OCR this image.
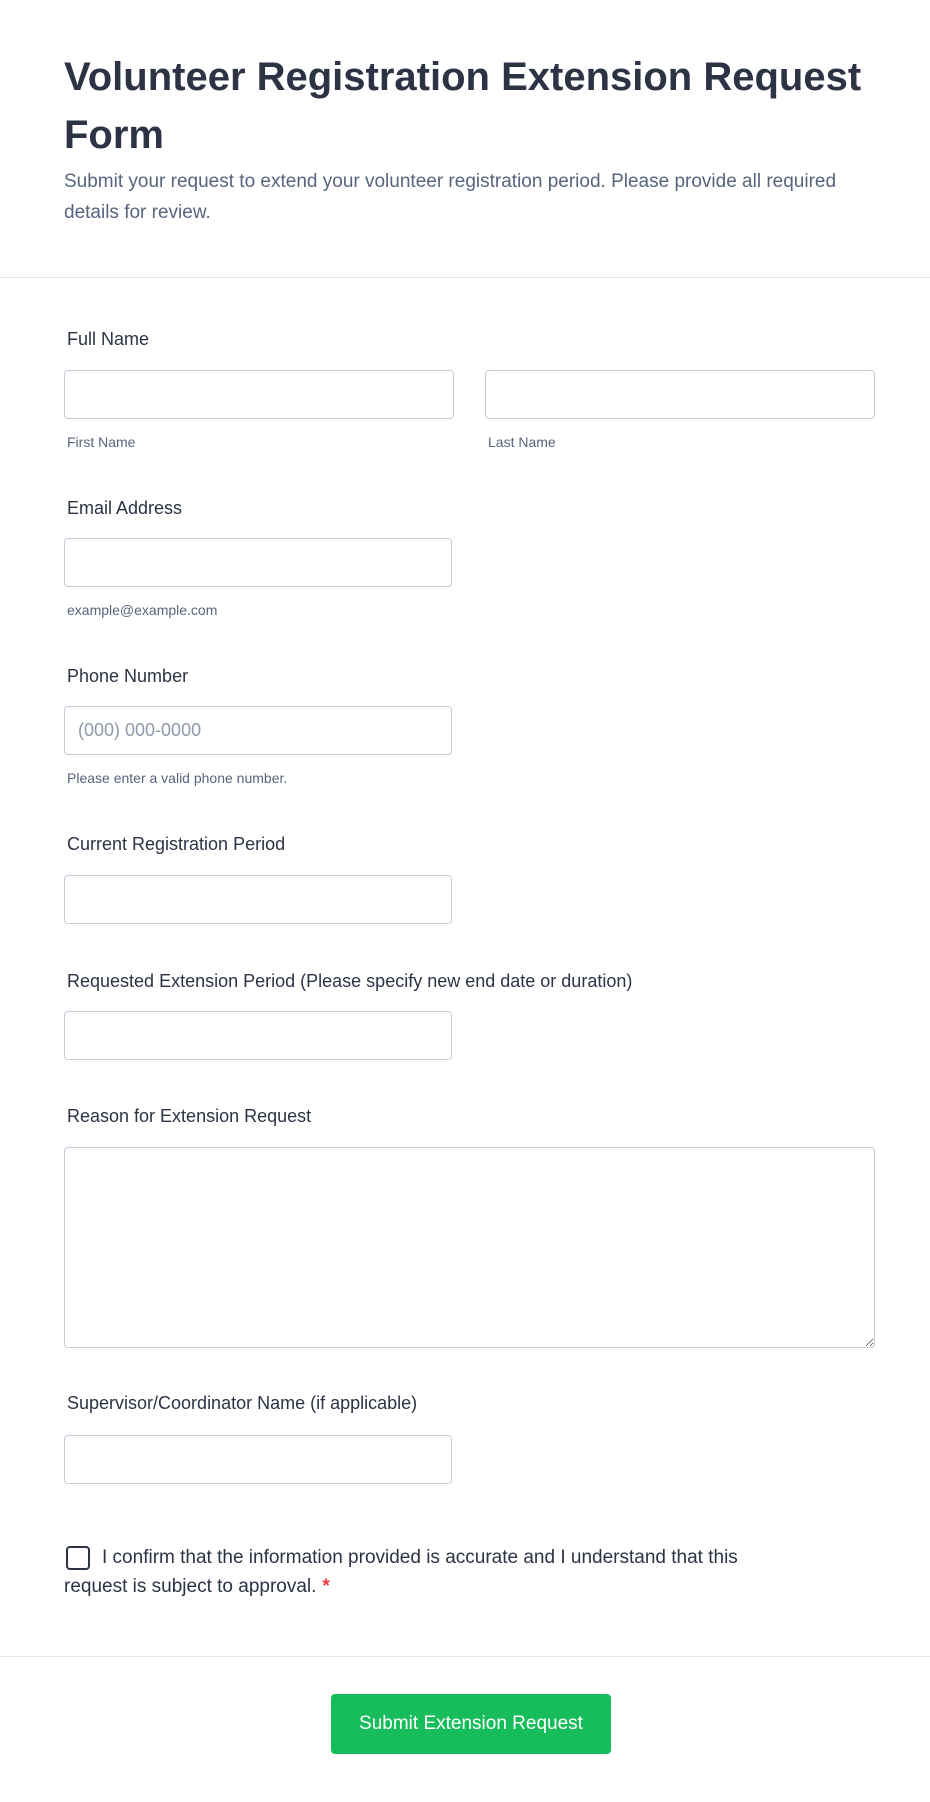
Volunteer Registration Extension Request Form
Submit your request to extend your volunteer registration period. Please provide all required details for review.
Full Name
First Name	Last Name
Email Address
example@example.com
Phone Number
(000) 000-0000
Please enter a valid phone number.
Current Registration Period
Requested Extension Period (Please specify new end date or duration)
Reason for Extension Request
Supervisor/Coordinator Name (if applicable)
I confirm that the information provided is accurate and I understand that this request is subject to approval. *
Submit Extension Request
